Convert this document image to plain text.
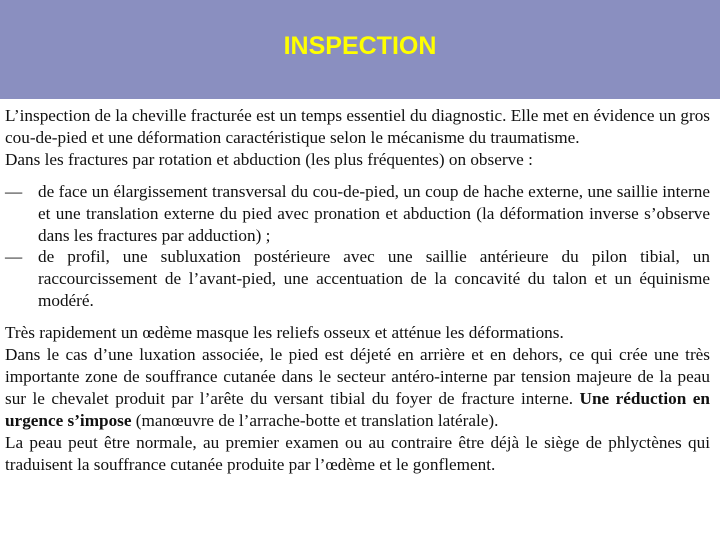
INSPECTION

L’inspection de la cheville fracturée est un temps essentiel du diagnostic. Elle met en évidence un gros cou-de-pied et une déformation caractéristique selon le mécanisme du traumatisme.

Dans les fractures par rotation et abduction (les plus fréquentes) on observe :

— de face un élargissement transversal du cou-de-pied, un coup de hache externe, une saillie interne et une translation externe du pied avec pronation et abduction (la déformation inverse s’observe dans les fractures par adduction) ;
— de profil, une subluxation postérieure avec une saillie antérieure du pilon tibial, un raccourcissement de l’avant-pied, une accentuation de la concavité du talon et un équinisme modéré.

Très rapidement un œdème masque les reliefs osseux et atténue les déformations.

Dans le cas d’une luxation associée, le pied est déjeté en arrière et en dehors, ce qui crée une très importante zone de souffrance cutanée dans le secteur antéro-interne par tension majeure de la peau sur le chevalet produit par l’arête du versant tibial du foyer de fracture interne. Une réduction en urgence s’impose (manœuvre de l’arrache-botte et translation latérale).

La peau peut être normale, au premier examen ou au contraire être déjà le siège de phlyctènes qui traduisent la souffrance cutanée produite par l’œdème et le gonflement.
